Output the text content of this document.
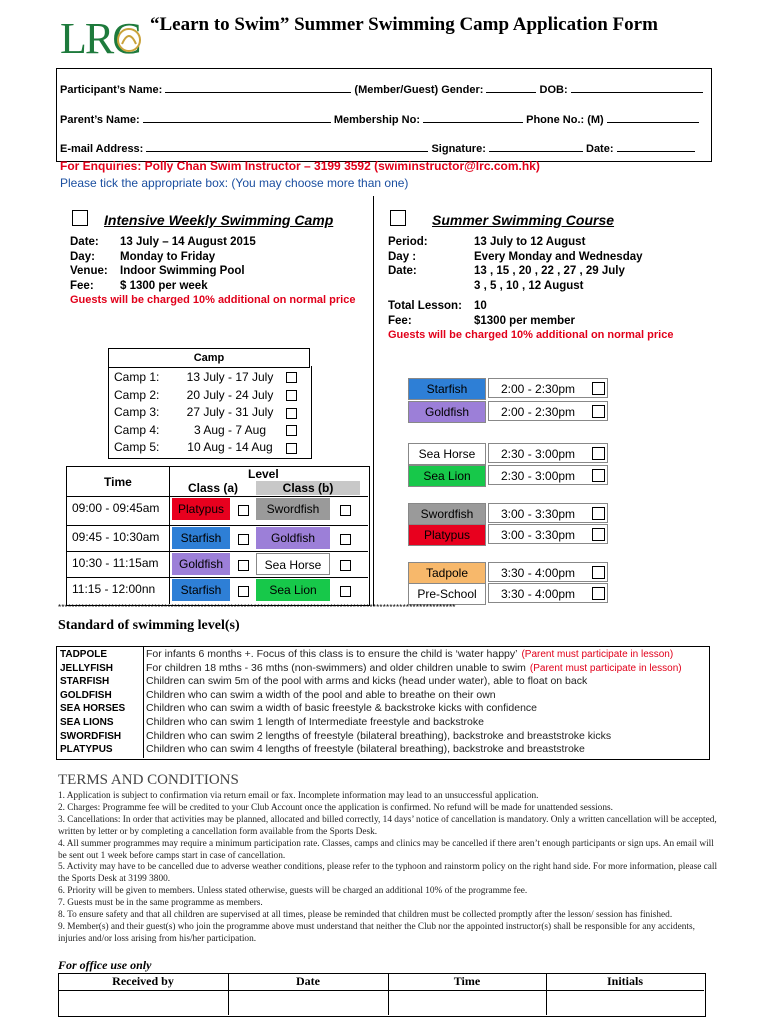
LRC “Learn to Swim” Summer Swimming Camp Application Form
Participant’s Name:	(Member/Guest) Gender:	DOB:
Parent’s Name:	Membership No:	Phone No.: (M)
E-mail Address:	Signature:	Date:
For Enquiries: Polly Chan Swim Instructor – 3199 3592 (swiminstructor@lrc.com.hk)
Please tick the appropriate box: (You may choose more than one)
Intensive Weekly Swimming Camp
Date: 13 July – 14 August 2015
Day: Monday to Friday
Venue: Indoor Swimming Pool
Fee: $ 1300 per week
Guests will be charged 10% additional on normal price
Summer Swimming Course
Period:	13 July to 12 August
Day :	Every Monday and Wednesday
Date:	13 , 15 , 20 , 22 , 27 , 29 July
3 , 5 , 10 , 12 August
Total Lesson: 10
Fee:	$1300 per member
Guests will be charged 10% additional on normal price
Camp
Camp 1: 13 July - 17 July
Camp 2: 20 July - 24 July
Camp 3: 27 July - 31 July
Camp 4:	3 Aug - 7 Aug
Camp 5: 10 Aug - 14 Aug
Time
Level
Class (a)	Class (b)
09:00 - 09:45am	Platypus	Swordfish
09:45 - 10:30am	Starfish	Goldfish
10:30 - 11:15am	Goldfish	Sea Horse
11:15 - 12:00nn	Starfish	Sea Lion
Starfish	2:00 - 2:30pm
Goldfish	2:00 - 2:30pm
Sea Horse	2:30 - 3:00pm
Sea Lion	2:30 - 3:00pm
Swordfish	3:00 - 3:30pm
Platypus	3:00 - 3:30pm
Tadpole	3:30 - 4:00pm
Pre-School	3:30 - 4:00pm
************************************************************************************************************************
Standard of swimming level(s)
TADPOLE	For infants 6 months +. Focus of this class is to ensure the child is ‘water happy’ (Parent must participate in lesson)
JELLYFISH	For children 18 mths - 36 mths (non-swimmers) and older children unable to swim (Parent must participate in lesson)
STARFISH	Children can swim 5m of the pool with arms and kicks (head under water), able to float on back
GOLDFISH	Children who can swim a width of the pool and able to breathe on their own
SEA HORSES Children who can swim a width of basic freestyle & backstroke kicks with confidence
SEA LIONS	Children who can swim 1 length of Intermediate freestyle and backstroke
SWORDFISH Children who can swim 2 lengths of freestyle (bilateral breathing), backstroke and breaststroke kicks
PLATYPUS	Children who can swim 4 lengths of freestyle (bilateral breathing), backstroke and breaststroke
TERMS AND CONDITIONS
1. Application is subject to confirmation via return email or fax. Incomplete information may lead to an unsuccessful application.
2. Charges: Programme fee will be credited to your Club Account once the application is confirmed. No refund will be made for unattended sessions.
3. Cancellations: In order that activities may be planned, allocated and billed correctly, 14 days’ notice of cancellation is mandatory. Only a written cancellation will be accepted, written by letter or by completing a cancellation form available from the Sports Desk.
4. All summer programmes may require a minimum participation rate. Classes, camps and clinics may be cancelled if there aren’t enough participants or sign ups. An email will be sent out 1 week before camps start in case of cancellation.
5. Activity may have to be cancelled due to adverse weather conditions, please refer to the typhoon and rainstorm policy on the right hand side. For more information, please call the Sports Desk at 3199 3800.
6. Priority will be given to members. Unless stated otherwise, guests will be charged an additional 10% of the programme fee.
7. Guests must be in the same programme as members.
8. To ensure safety and that all children are supervised at all times, please be reminded that children must be collected promptly after the lesson/ session has finished.
9. Member(s) and their guest(s) who join the programme above must understand that neither the Club nor the appointed instructor(s) shall be responsible for any accidents, injuries and/or loss arising from his/her participation.
For office use only
Received by	Date	Time	Initials
